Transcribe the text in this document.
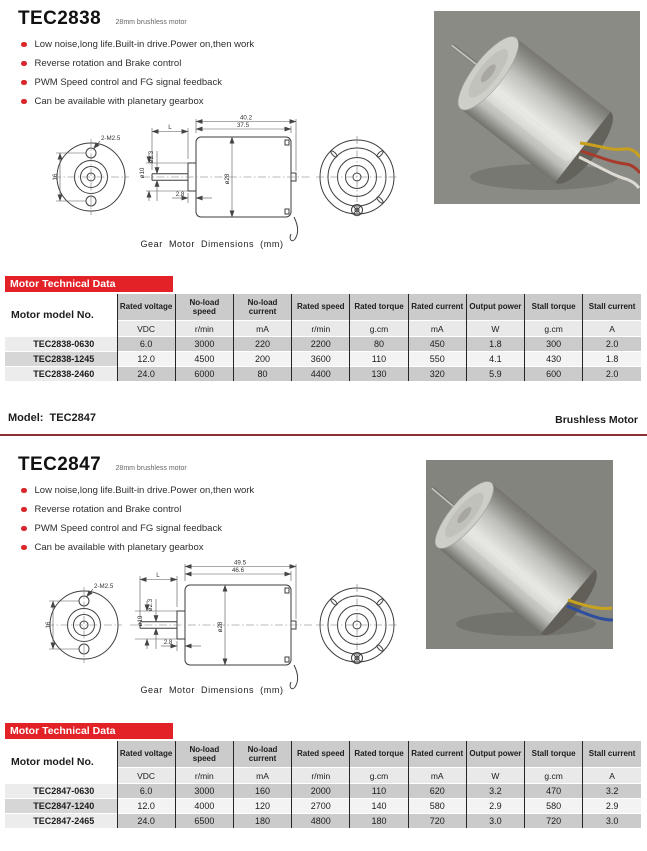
TEC2838 28mm brushless motor
Low noise,long life.Built-in drive.Power on,then work
Reverse rotation and Brake control
PWM Speed control and FG signal feedback
Can be available with planetary gearbox
40.2
37.5
L
16
2-M2.5
ø2.3
ø10
ø28
2.8
Gear Motor Dimensions (mm)
Motor Technical Data
Motor model No.	Rated voltage	No-load speed	No-load current	Rated speed	Rated torque	Rated current	Output power	Stall torque	Stall current
	VDC	r/min	mA	r/min	g.cm	mA	W	g.cm	A
TEC2838-0630	6.0	3000	220	2200	80	450	1.8	300	2.0
TEC2838-1245	12.0	4500	200	3600	110	550	4.1	430	1.8
TEC2838-2460	24.0	6000	80	4400	130	320	5.9	600	2.0
Model:  TEC2847	Brushless Motor
TEC2847 28mm brushless motor
Low noise,long life.Built-in drive.Power on,then work
Reverse rotation and Brake control
PWM Speed control and FG signal feedback
Can be available with planetary gearbox
49.5
46.6
L
16
2-M2.5
ø2.3
ø10
ø28
2.8
Gear Motor Dimensions (mm)
Motor Technical Data
Motor model No.	Rated voltage	No-load speed	No-load current	Rated speed	Rated torque	Rated current	Output power	Stall torque	Stall current
	VDC	r/min	mA	r/min	g.cm	mA	W	g.cm	A
TEC2847-0630	6.0	3000	160	2000	110	620	3.2	470	3.2
TEC2847-1240	12.0	4000	120	2700	140	580	2.9	580	2.9
TEC2847-2465	24.0	6500	180	4800	180	720	3.0	720	3.0
